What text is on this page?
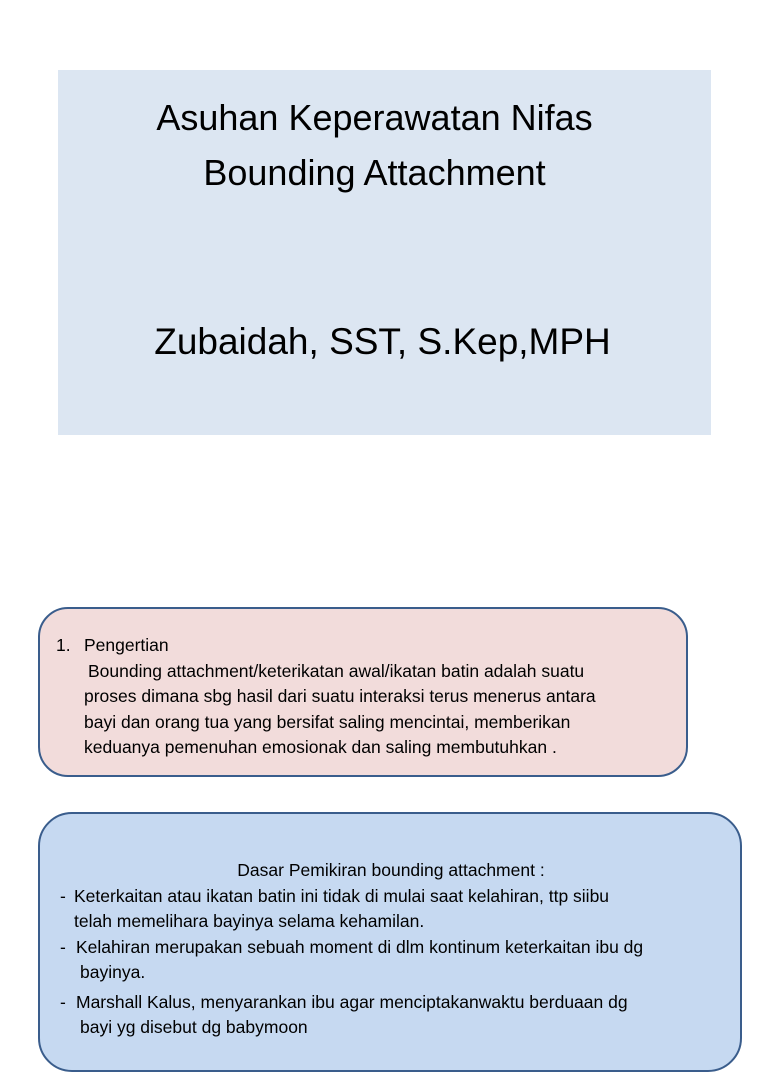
Asuhan Keperawatan Nifas
Bounding Attachment
Zubaidah, SST, S.Kep,MPH
1. Pengertian
Bounding attachment/keterikatan awal/ikatan batin adalah suatu
proses dimana sbg hasil dari suatu interaksi terus menerus antara
bayi dan orang tua yang bersifat saling mencintai, memberikan
keduanya pemenuhan emosionak dan saling membutuhkan .
Dasar Pemikiran bounding attachment :
- Keterkaitan atau ikatan batin ini tidak di mulai saat kelahiran, ttp siibu
telah memelihara bayinya selama kehamilan.
- Kelahiran merupakan sebuah moment di dlm kontinum keterkaitan ibu dg
bayinya.
- Marshall Kalus, menyarankan ibu agar menciptakanwaktu berduaan dg
bayi yg disebut dg babymoon
